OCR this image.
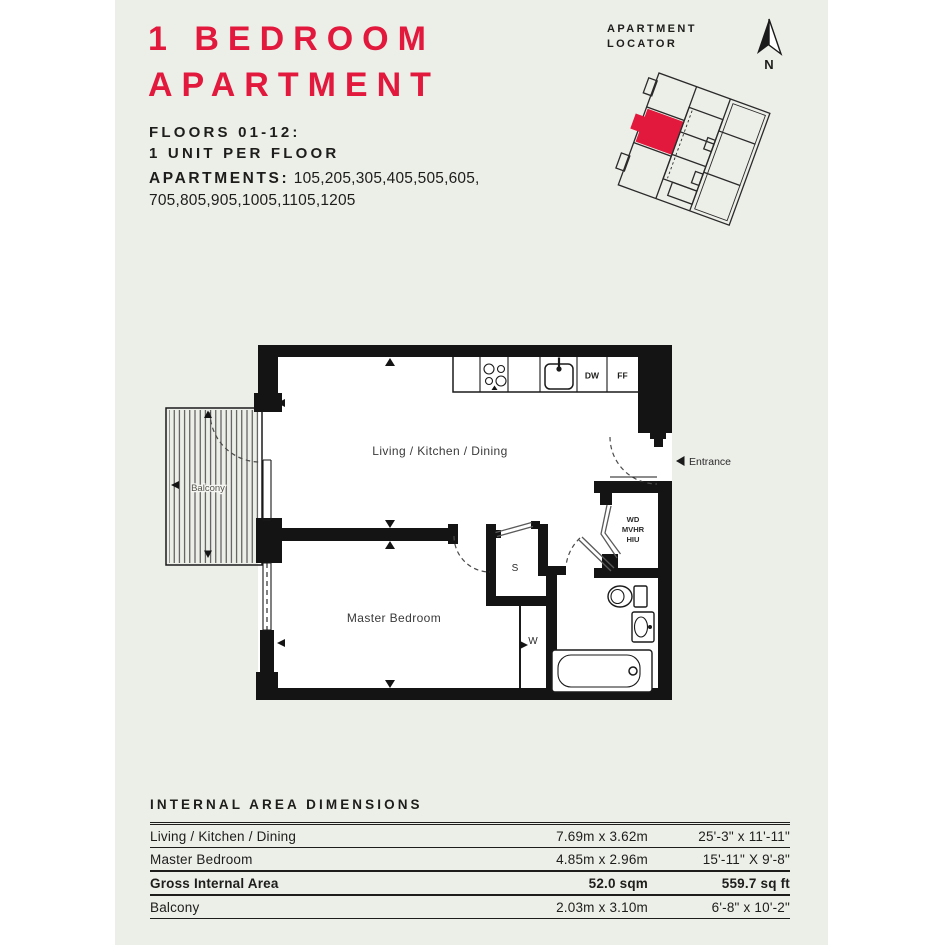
1 BEDROOM
APARTMENT
FLOORS 01-12:
1 UNIT PER FLOOR
APARTMENTS: 105,205,305,405,505,605,
705,805,905,1005,1105,1205
APARTMENT
LOCATOR
N
DW FF
Living / Kitchen / Dining
Master Bedroom
Balcony
S
W
WD
MVHR
HIU
Entrance
INTERNAL AREA DIMENSIONS
Living / Kitchen / Dining	7.69m x 3.62m	25'-3" x 11'-11"
Master Bedroom	4.85m x 2.96m	15'-11" X 9'-8"
Gross Internal Area	52.0 sqm	559.7 sq ft
Balcony	2.03m x 3.10m	6'-8" x 10'-2"
